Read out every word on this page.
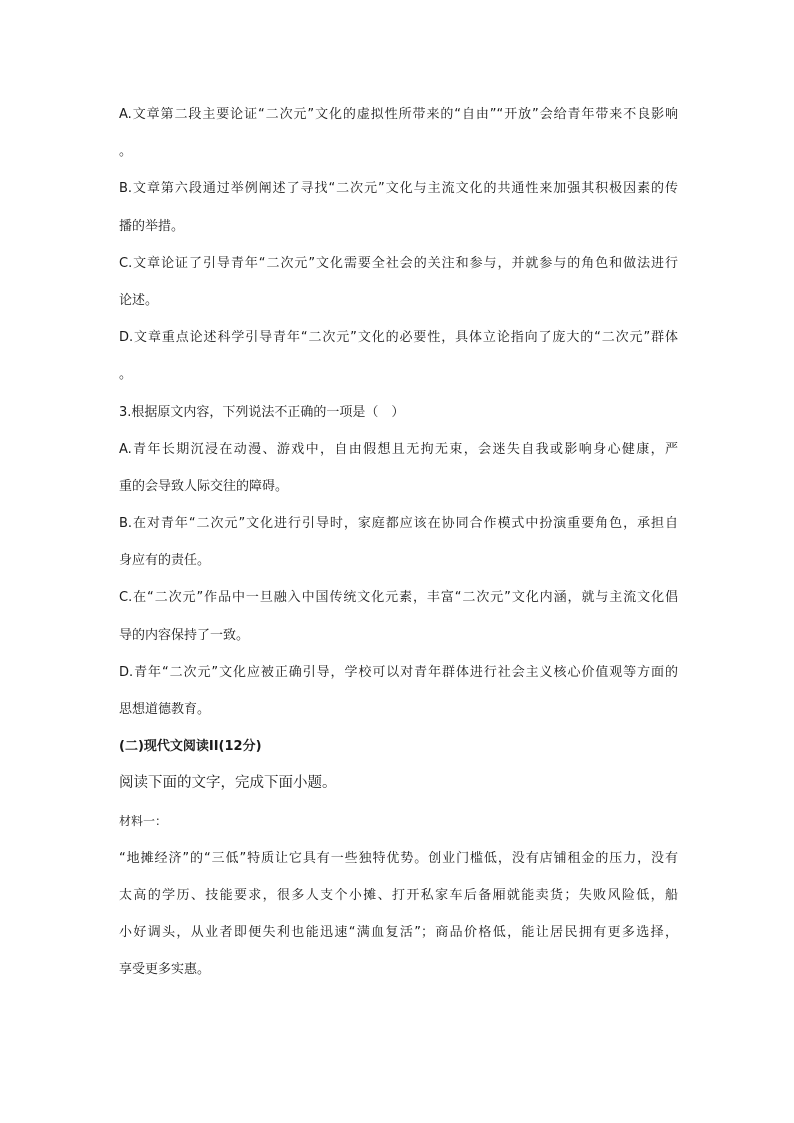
A.文章第二段主要论证“二次元”文化的虚拟性所带来的“自由”“开放”会给青年带来不良影响
。
B.文章第六段通过举例阐述了寻找“二次元”文化与主流文化的共通性来加强其积极因素的传
播的举措。
C.文章论证了引导青年“二次元”文化需要全社会的关注和参与，并就参与的角色和做法进行
论述。
D.文章重点论述科学引导青年“二次元”文化的必要性，具体立论指向了庞大的“二次元”群体
。
3.根据原文内容，下列说法不正确的一项是（　）
A.青年长期沉浸在动漫、游戏中，自由假想且无拘无束，会迷失自我或影响身心健康，严
重的会导致人际交往的障碍。
B.在对青年“二次元”文化进行引导时，家庭都应该在协同合作模式中扮演重要角色，承担自
身应有的责任。
C.在“二次元”作品中一旦融入中国传统文化元素，丰富“二次元”文化内涵，就与主流文化倡
导的内容保持了一致。
D.青年“二次元”文化应被正确引导，学校可以对青年群体进行社会主义核心价值观等方面的
思想道德教育。
(二)现代文阅读II(12分)
阅读下面的文字，完成下面小题。
材料一：
“地摊经济”的“三低”特质让它具有一些独特优势。创业门槛低，没有店铺租金的压力，没有
太高的学历、技能要求，很多人支个小摊、打开私家车后备厢就能卖货；失败风险低，船
小好调头，从业者即便失利也能迅速“满血复活”；商品价格低，能让居民拥有更多选择，
享受更多实惠。
